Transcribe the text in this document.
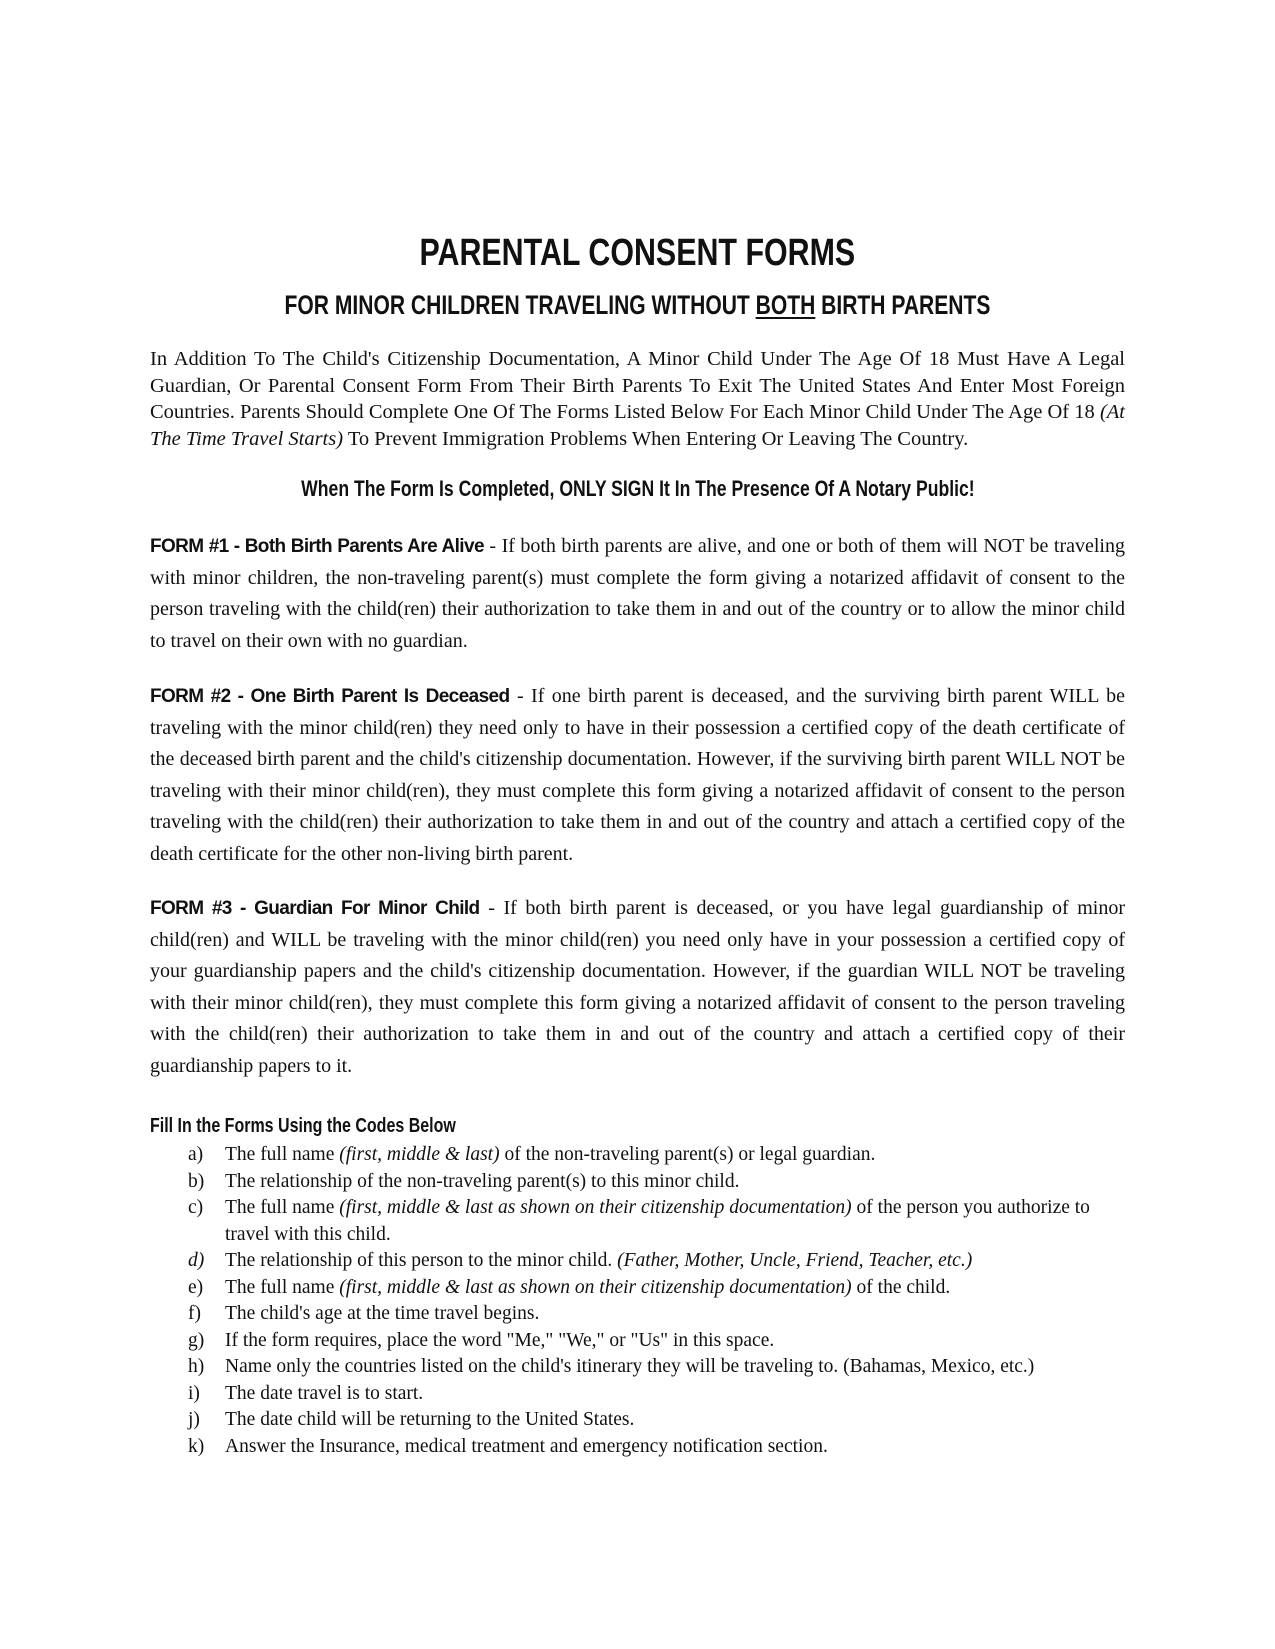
PARENTAL CONSENT FORMS
FOR MINOR CHILDREN TRAVELING WITHOUT BOTH BIRTH PARENTS

In Addition To The Child's Citizenship Documentation, A Minor Child Under The Age Of 18 Must Have A Legal Guardian, Or Parental Consent Form From Their Birth Parents To Exit The United States And Enter Most Foreign Countries. Parents Should Complete One Of The Forms Listed Below For Each Minor Child Under The Age Of 18 (At The Time Travel Starts) To Prevent Immigration Problems When Entering Or Leaving The Country.

When The Form Is Completed, ONLY SIGN It In The Presence Of A Notary Public!

FORM #1 - Both Birth Parents Are Alive - If both birth parents are alive, and one or both of them will NOT be traveling with minor children, the non-traveling parent(s) must complete the form giving a notarized affidavit of consent to the person traveling with the child(ren) their authorization to take them in and out of the country or to allow the minor child to travel on their own with no guardian.

FORM #2 - One Birth Parent Is Deceased - If one birth parent is deceased, and the surviving birth parent WILL be traveling with the minor child(ren) they need only to have in their possession a certified copy of the death certificate of the deceased birth parent and the child's citizenship documentation. However, if the surviving birth parent WILL NOT be traveling with their minor child(ren), they must complete this form giving a notarized affidavit of consent to the person traveling with the child(ren) their authorization to take them in and out of the country and attach a certified copy of the death certificate for the other non-living birth parent.

FORM #3 - Guardian For Minor Child - If both birth parent is deceased, or you have legal guardianship of minor child(ren) and WILL be traveling with the minor child(ren) you need only have in your possession a certified copy of your guardianship papers and the child's citizenship documentation. However, if the guardian WILL NOT be traveling with their minor child(ren), they must complete this form giving a notarized affidavit of consent to the person traveling with the child(ren) their authorization to take them in and out of the country and attach a certified copy of their guardianship papers to it.

Fill In the Forms Using the Codes Below
a) The full name (first, middle & last) of the non-traveling parent(s) or legal guardian.
b) The relationship of the non-traveling parent(s) to this minor child.
c) The full name (first, middle & last as shown on their citizenship documentation) of the person you authorize to travel with this child.
d) The relationship of this person to the minor child. (Father, Mother, Uncle, Friend, Teacher, etc.)
e) The full name (first, middle & last as shown on their citizenship documentation) of the child.
f) The child's age at the time travel begins.
g) If the form requires, place the word "Me," "We," or "Us" in this space.
h) Name only the countries listed on the child's itinerary they will be traveling to. (Bahamas, Mexico, etc.)
i) The date travel is to start.
j) The date child will be returning to the United States.
k) Answer the Insurance, medical treatment and emergency notification section.
